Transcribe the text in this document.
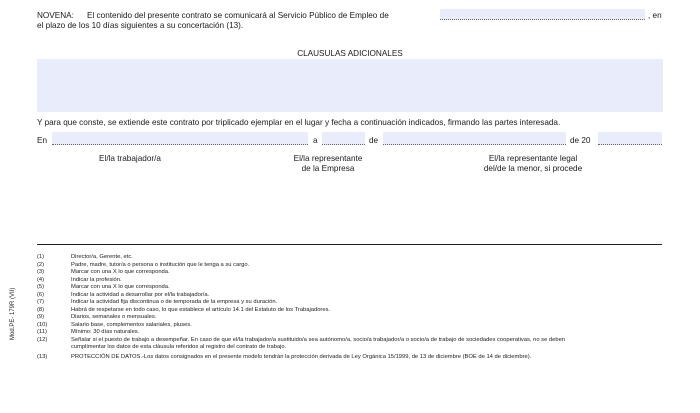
NOVENA: El contenido del presente contrato se comunicará al Servicio Público de Empleo de	, en
el plazo de los 10 días siguientes a su concertación (13).
CLAUSULAS ADICIONALES
Y para que conste, se extiende este contrato por triplicado ejemplar en el lugar y fecha a continuación indicados, firmando las partes interesada.
En	a	de	de 20
El/la trabajador/a	El/la representante
de la Empresa
El/la representante legal
del/de la menor, si procede
Mod.PE- 179R (VII)
(1)	Director/a, Gerente, etc.
(2)	Padre, madre, tutor/a o persona o institución que le tenga a su cargo.
(3)	Marcar con una X lo que corresponda.
(4)	Indicar la profesión.
(5)	Marcar con una X lo que corresponda.
(6)	Indicar la actividad a desarrollar por el/la trabajador/a.
(7)	Indicar la actividad fija discontinua o de temporada de la empresa y su duración.
(8)	Habrá de respetarse en todo caso, lo que establece el artículo 14.1 del Estatuto de los Trabajadores.
(9)	Diarios, semanales o mensuales.
(10)	Salario base, complementos salariales, pluses.
(11)	Mínimo: 30 días naturales.
(12)	Señalar si el puesto de trabajo a desempeñar. En caso de que el/la trabajador/a sustituido/a sea autónomo/a, socio/a trabajador/a o socio/a de trabajo de sociedades cooperativas, no se deben
cumplimentar los datos de esta cláusula referidos al registro del contrato de trabajo.
(13)	PROTECCIÓN DE DATOS.-Los datos consignados en el presente modelo tendrán la protección derivada de Ley Orgánica 15/1999, de 13 de diciembre (BOE de 14 de diciembre).
